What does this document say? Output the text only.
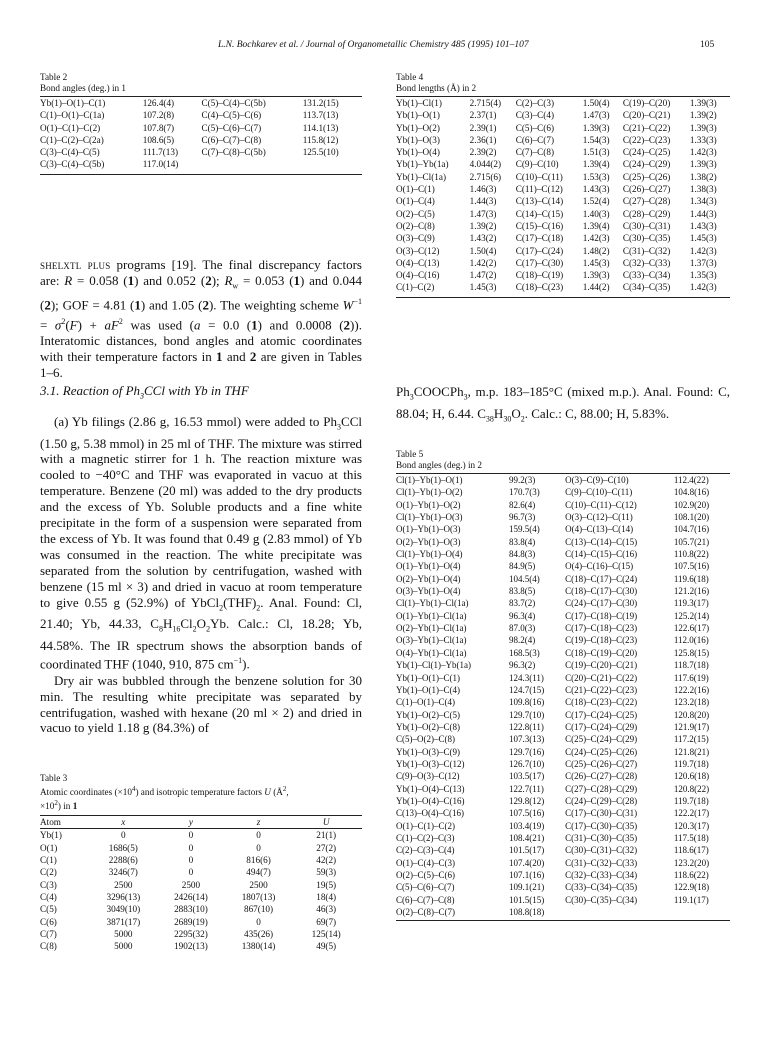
L.N. Bochkarev et al. / Journal of Organometallic Chemistry 485 (1995) 101–107	105
Table 2
Bond angles (deg.) in 1
Yb(1)–O(1)–C(1)	126.4(4)	C(5)–C(4)–C(5b)	131.2(15)
C(1)–O(1)–C(1a)	107.2(8)	C(4)–C(5)–C(6)	113.7(13)
O(1)–C(1)–C(2)	107.8(7)	C(5)–C(6)–C(7)	114.1(13)
C(1)–C(2)–C(2a)	108.6(5)	C(6)–C(7)–C(8)	115.8(12)
C(3)–C(4)–C(5)	111.7(13)	C(7)–C(8)–C(5b)	125.5(10)
C(3)–C(4)–C(5b)	117.0(14)		

shelxtl plus programs [19]. The final discrepancy factors are: R = 0.058 (1) and 0.052 (2); $R_w = 0.053$ (1) and 0.044 (2); GOF = 4.81 (1) and 1.05 (2). The weighting scheme $W^{-1} = \sigma^2(F) + aF^2$ was used (a = 0.0 (1) and 0.0008 (2)). Interatomic distances, bond angles and atomic coordinates with their temperature factors in 1 and 2 are given in Tables 1–6.

3.1. Reaction of $Ph_3CCl$ with Yb in THF

(a) Yb filings (2.86 g, 16.53 mmol) were added to $Ph_3CCl$ (1.50 g, 5.38 mmol) in 25 ml of THF. The mixture was stirred with a magnetic stirrer for 1 h. The reaction mixture was cooled to −40°C and THF was evaporated in vacuo at this temperature. Benzene (20 ml) was added to the dry products and the excess of Yb. Soluble products and a fine white precipitate in the form of a suspension were separated from the excess of Yb. It was found that 0.49 g (2.83 mmol) of Yb was consumed in the reaction. The white precipitate was separated from the solution by centrifugation, washed with benzene (15 ml × 3) and dried in vacuo at room temperature to give 0.55 g (52.9%) of $YbCl_2(THF)_2$. Anal. Found: Cl, 21.40; Yb, 44.33, $C_8H_{16}Cl_2O_2Yb$. Calc.: Cl, 18.28; Yb, 44.58%. The IR spectrum shows the absorption bands of coordinated THF (1040, 910, 875 $cm^{-1}$).

Dry air was bubbled through the benzene solution for 30 min. The resulting white precipitate was separated by centrifugation, washed with hexane (20 ml × 2) and dried in vacuo to yield 1.18 g (84.3%) of

Table 3
Atomic coordinates $(\times 10^4)$ and isotropic temperature factors U ($Å^2$,
$\times 10^2$) in 1
Atom	x	y	z	U
Yb(1)	0	0	0	21(1)
O(1)	1686(5)	0	0	27(2)
C(1)	2288(6)	0	816(6)	42(2)
C(2)	3246(7)	0	494(7)	59(3)
C(3)	2500	2500	2500	19(5)
C(4)	3296(13)	2426(14)	1807(13)	18(4)
C(5)	3049(10)	2883(10)	867(10)	46(3)
C(6)	3871(17)	2689(19)	0	69(7)
C(7)	5000	2295(32)	435(26)	125(14)
C(8)	5000	1902(13)	1380(14)	49(5)
Table 4
Bond lengths (Å) in 2
Yb(1)–Cl(1)	2.715(4)	C(2)–C(3)	1.50(4)	C(19)–C(20)	1.39(3)
Yb(1)–O(1)	2.37(1)	C(3)–C(4)	1.47(3)	C(20)–C(21)	1.39(2)
Yb(1)–O(2)	2.39(1)	C(5)–C(6)	1.39(3)	C(21)–C(22)	1.39(3)
Yb(1)–O(3)	2.36(1)	C(6)–C(7)	1.54(3)	C(22)–C(23)	1.33(3)
Yb(1)–O(4)	2.39(2)	C(7)–C(8)	1.51(3)	C(24)–C(25)	1.42(3)
Yb(1)–Yb(1a)	4.044(2)	C(9)–C(10)	1.39(4)	C(24)–C(29)	1.39(3)
Yb(1)–Cl(1a)	2.715(6)	C(10)–C(11)	1.53(3)	C(25)–C(26)	1.38(2)
O(1)–C(1)	1.46(3)	C(11)–C(12)	1.43(3)	C(26)–C(27)	1.38(3)
O(1)–C(4)	1.44(3)	C(13)–C(14)	1.52(4)	C(27)–C(28)	1.34(3)
O(2)–C(5)	1.47(3)	C(14)–C(15)	1.40(3)	C(28)–C(29)	1.44(3)
O(2)–C(8)	1.39(2)	C(15)–C(16)	1.39(4)	C(30)–C(31)	1.43(3)
O(3)–C(9)	1.43(2)	C(17)–C(18)	1.42(3)	C(30)–C(35)	1.45(3)
O(3)–C(12)	1.50(4)	C(17)–C(24)	1.48(2)	C(31)–C(32)	1.42(3)
O(4)–C(13)	1.42(2)	C(17)–C(30)	1.45(3)	C(32)–C(33)	1.37(3)
O(4)–C(16)	1.47(2)	C(18)–C(19)	1.39(3)	C(33)–C(34)	1.35(3)
C(1)–C(2)	1.45(3)	C(18)–C(23)	1.44(2)	C(34)–C(35)	1.42(3)

$Ph_3COOCPh_3$, m.p. 183–185°C (mixed m.p.). Anal. Found: C, 88.04; H, 6.44. $C_{38}H_{30}O_2$. Calc.: C, 88.00; H, 5.83%.

Table 5
Bond angles (deg.) in 2
Cl(1)–Yb(1)–O(1)	99.2(3)	O(3)–C(9)–C(10)	112.4(22)
Cl(1)–Yb(1)–O(2)	170.7(3)	C(9)–C(10)–C(11)	104.8(16)
O(1)–Yb(1)–O(2)	82.6(4)	C(10)–C(11)–C(12)	102.9(20)
Cl(1)–Yb(1)–O(3)	96.7(3)	O(3)–C(12)–C(11)	108.1(20)
O(1)–Yb(1)–O(3)	159.5(4)	O(4)–C(13)–C(14)	104.7(16)
O(2)–Yb(1)–O(3)	83.8(4)	C(13)–C(14)–C(15)	105.7(21)
Cl(1)–Yb(1)–O(4)	84.8(3)	C(14)–C(15)–C(16)	110.8(22)
O(1)–Yb(1)–O(4)	84.9(5)	O(4)–C(16)–C(15)	107.5(16)
O(2)–Yb(1)–O(4)	104.5(4)	C(18)–C(17)–C(24)	119.6(18)
O(3)–Yb(1)–O(4)	83.8(5)	C(18)–C(17)–C(30)	121.2(16)
Cl(1)–Yb(1)–Cl(1a)	83.7(2)	C(24)–C(17)–C(30)	119.3(17)
O(1)–Yb(1)–Cl(1a)	96.3(4)	C(17)–C(18)–C(19)	125.2(14)
O(2)–Yb(1)–Cl(1a)	87.0(3)	C(17)–C(18)–C(23)	122.6(17)
O(3)–Yb(1)–Cl(1a)	98.2(4)	C(19)–C(18)–C(23)	112.0(16)
O(4)–Yb(1)–Cl(1a)	168.5(3)	C(18)–C(19)–C(20)	125.8(15)
Yb(1)–Cl(1)–Yb(1a)	96.3(2)	C(19)–C(20)–C(21)	118.7(18)
Yb(1)–O(1)–C(1)	124.3(11)	C(20)–C(21)–C(22)	117.6(19)
Yb(1)–O(1)–C(4)	124.7(15)	C(21)–C(22)–C(23)	122.2(16)
C(1)–O(1)–C(4)	109.8(16)	C(18)–C(23)–C(22)	123.2(18)
Yb(1)–O(2)–C(5)	129.7(10)	C(17)–C(24)–C(25)	120.8(20)
Yb(1)–O(2)–C(8)	122.8(11)	C(17)–C(24)–C(29)	121.9(17)
C(5)–O(2)–C(8)	107.3(13)	C(25)–C(24)–C(29)	117.2(15)
Yb(1)–O(3)–C(9)	129.7(16)	C(24)–C(25)–C(26)	121.8(21)
Yb(1)–O(3)–C(12)	126.7(10)	C(25)–C(26)–C(27)	119.7(18)
C(9)–O(3)–C(12)	103.5(17)	C(26)–C(27)–C(28)	120.6(18)
Yb(1)–O(4)–C(13)	122.7(11)	C(27)–C(28)–C(29)	120.8(22)
Yb(1)–O(4)–C(16)	129.8(12)	C(24)–C(29)–C(28)	119.7(18)
C(13)–O(4)–C(16)	107.5(16)	C(17)–C(30)–C(31)	122.2(17)
O(1)–C(1)–C(2)	103.4(19)	C(17)–C(30)–C(35)	120.3(17)
C(1)–C(2)–C(3)	108.4(21)	C(31)–C(30)–C(35)	117.5(18)
C(2)–C(3)–C(4)	101.5(17)	C(30)–C(31)–C(32)	118.6(17)
O(1)–C(4)–C(3)	107.4(20)	C(31)–C(32)–C(33)	123.2(20)
O(2)–C(5)–C(6)	107.1(16)	C(32)–C(33)–C(34)	118.6(22)
C(5)–C(6)–C(7)	109.1(21)	C(33)–C(34)–C(35)	122.9(18)
C(6)–C(7)–C(8)	101.5(15)	C(30)–C(35)–C(34)	119.1(17)
O(2)–C(8)–C(7)	108.8(18)		
